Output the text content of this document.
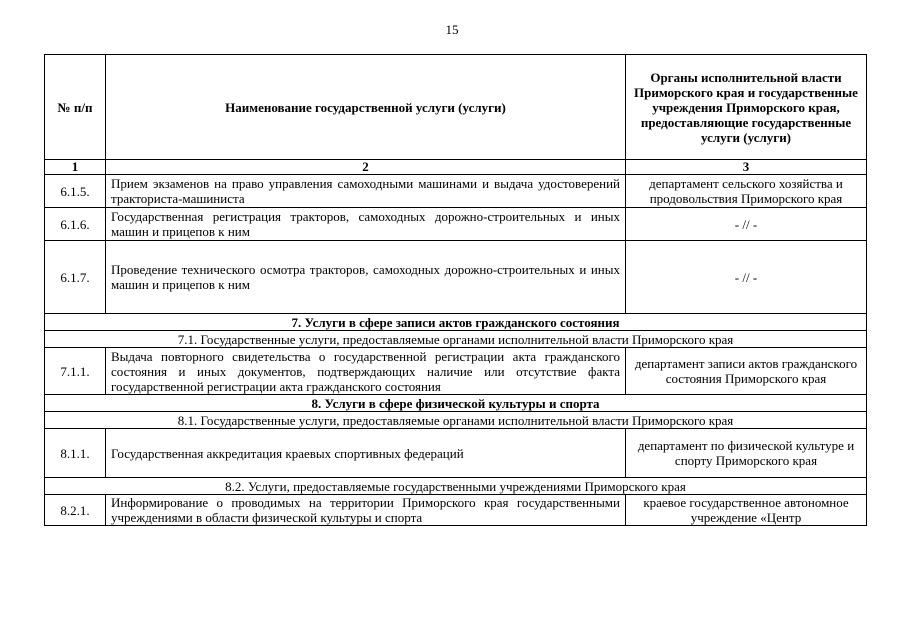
15
№ п/п	Наименование государственной услуги (услуги)	Органы исполнительной власти Приморского края и государственные учреждения Приморского края, предоставляющие государственные услуги (услуги)
1	2	3
6.1.5.	Прием экзаменов на право управления самоходными машинами и выдача удостоверений тракториста-машиниста	департамент сельского хозяйства и продовольствия Приморского края
6.1.6.	Государственная регистрация тракторов, самоходных дорожно-строительных и иных машин и прицепов к ним	- // -
6.1.7.	Проведение технического осмотра тракторов, самоходных дорожно-строительных и иных машин и прицепов к ним	- // -
7. Услуги в сфере записи актов гражданского состояния		
7.1. Государственные услуги, предоставляемые органами исполнительной власти Приморского края		
7.1.1.	Выдача повторного свидетельства о государственной регистрации акта гражданского состояния и иных документов, подтверждающих наличие или отсутствие факта государственной регистрации акта гражданского состояния	департамент записи актов гражданского состояния Приморского края
8. Услуги в сфере физической культуры и спорта		
8.1. Государственные услуги, предоставляемые органами исполнительной власти Приморского края		
8.1.1.	Государственная аккредитация краевых спортивных федераций	департамент по физической культуре и спорту Приморского края
8.2. Услуги, предоставляемые государственными учреждениями Приморского края		
8.2.1.	Информирование о проводимых на территории Приморского края государственными учреждениями в области физической культуры и спорта	краевое государственное автономное учреждение «Центр
